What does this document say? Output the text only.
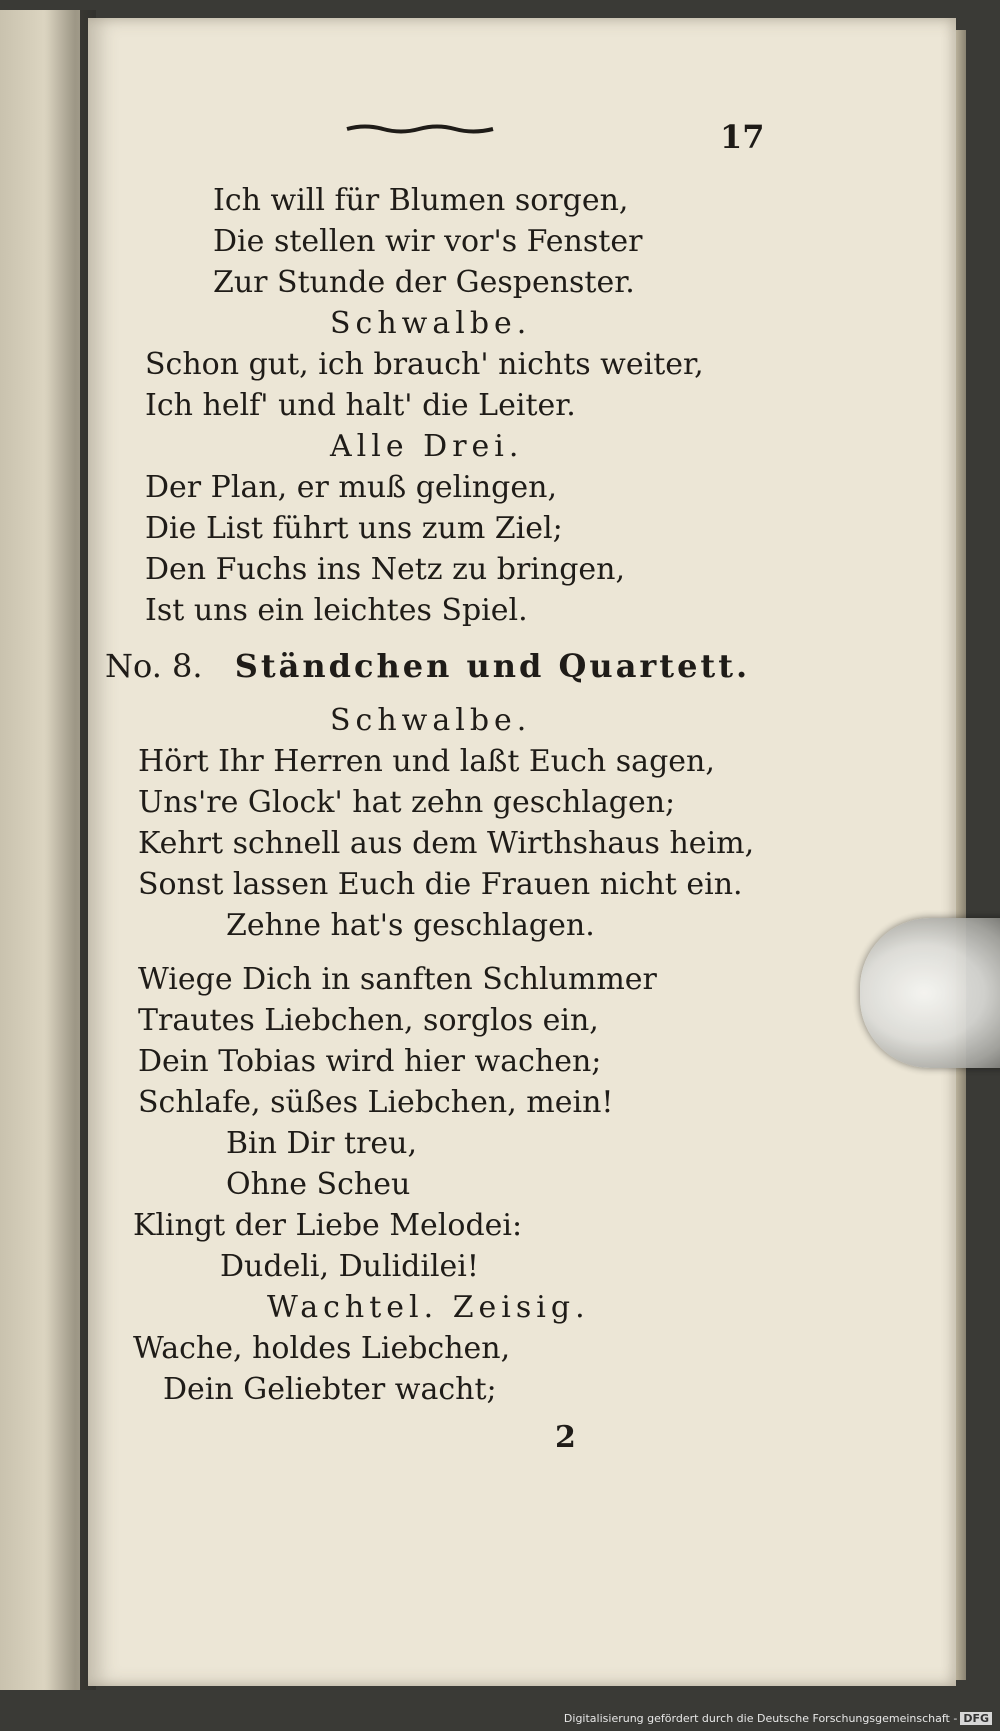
17
Ich will für Blumen sorgen,
Die stellen wir vor's Fenster
Zur Stunde der Gespenster.
Schwalbe.
Schon gut, ich brauch' nichts weiter,
Ich helf' und halt' die Leiter.
Alle Drei.
Der Plan, er muß gelingen,
Die List führt uns zum Ziel;
Den Fuchs ins Netz zu bringen,
Ist uns ein leichtes Spiel.
No. 8. Ständchen und Quartett.
Schwalbe.
Hört Ihr Herren und laßt Euch sagen,
Uns're Glock' hat zehn geschlagen;
Kehrt schnell aus dem Wirthshaus heim,
Sonst lassen Euch die Frauen nicht ein.
Zehne hat's geschlagen.
Wiege Dich in sanften Schlummer
Trautes Liebchen, sorglos ein,
Dein Tobias wird hier wachen;
Schlafe, süßes Liebchen, mein!
Bin Dir treu,
Ohne Scheu
Klingt der Liebe Melodei:
Dudeli, Dulidilei!
Wachtel. Zeisig.
Wache, holdes Liebchen,
Dein Geliebter wacht;
2
Digitalisierung gefördert durch die Deutsche Forschungsgemeinschaft - DFG
